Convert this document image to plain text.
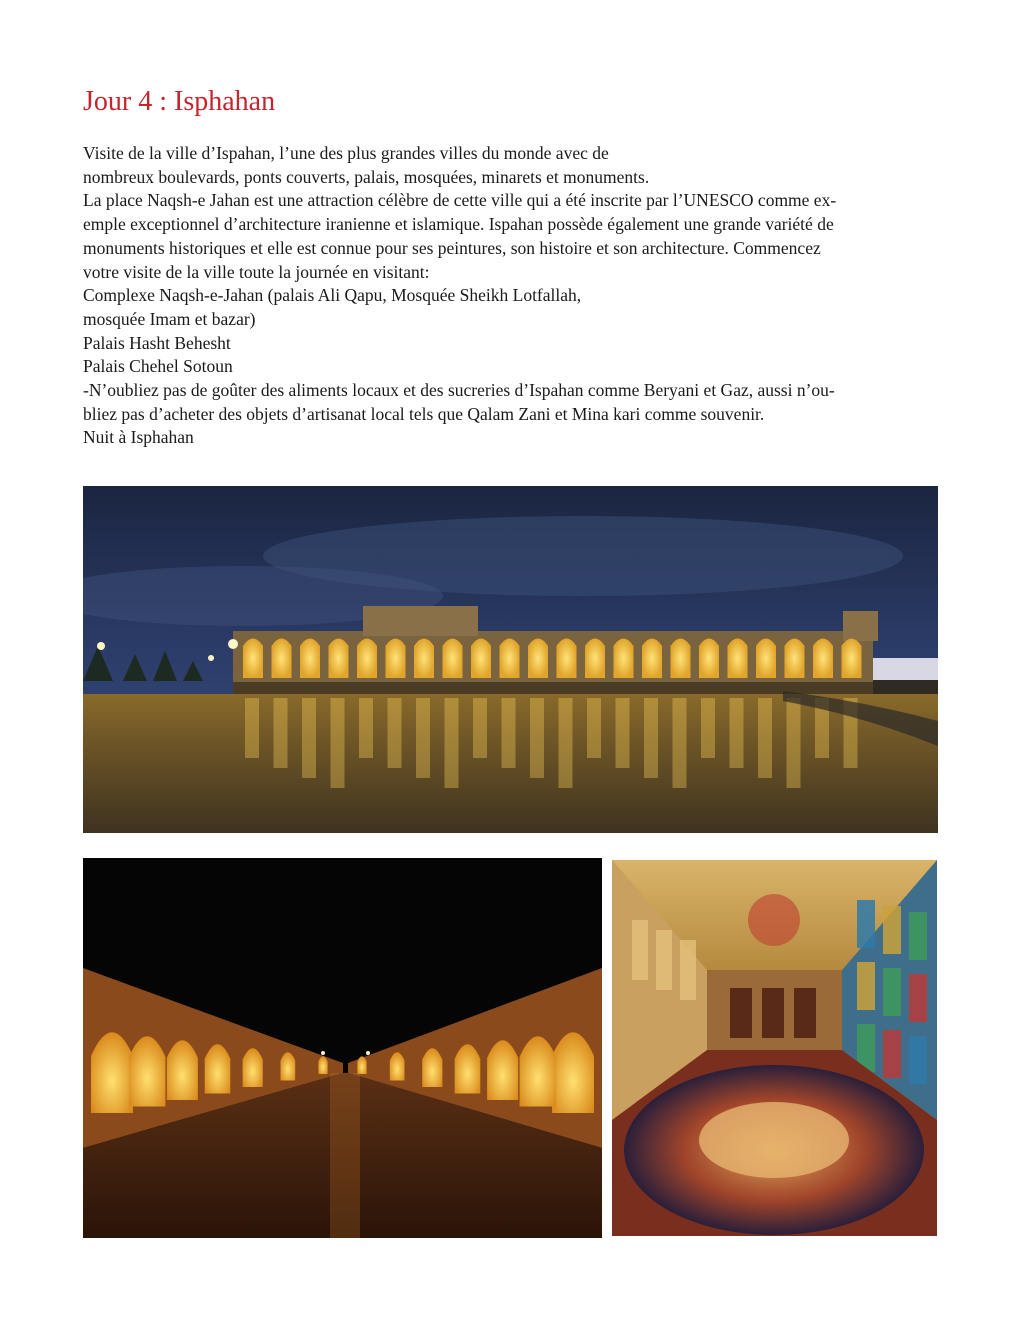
Jour 4 : Isphahan

Visite de la ville d’Ispahan, l’une des plus grandes villes du monde avec de
nombreux boulevards, ponts couverts, palais, mosquées, minarets et monuments.
La place Naqsh-e Jahan est une attraction célèbre de cette ville qui a été inscrite par l’UNESCO comme ex-
emple exceptionnel d’architecture iranienne et islamique. Ispahan possède également une grande variété de
monuments historiques et elle est connue pour ses peintures, son histoire et son architecture. Commencez
votre visite de la ville toute la journée en visitant:
Complexe Naqsh-e-Jahan (palais Ali Qapu, Mosquée Sheikh Lotfallah,
mosquée Imam et bazar)
Palais Hasht Behesht
Palais Chehel Sotoun
-N’oubliez pas de goûter des aliments locaux et des sucreries d’Ispahan comme Beryani et Gaz, aussi n’ou-
bliez pas d’acheter des objets d’artisanat local tels que Qalam Zani et Mina kari comme souvenir.
Nuit à Isphahan
